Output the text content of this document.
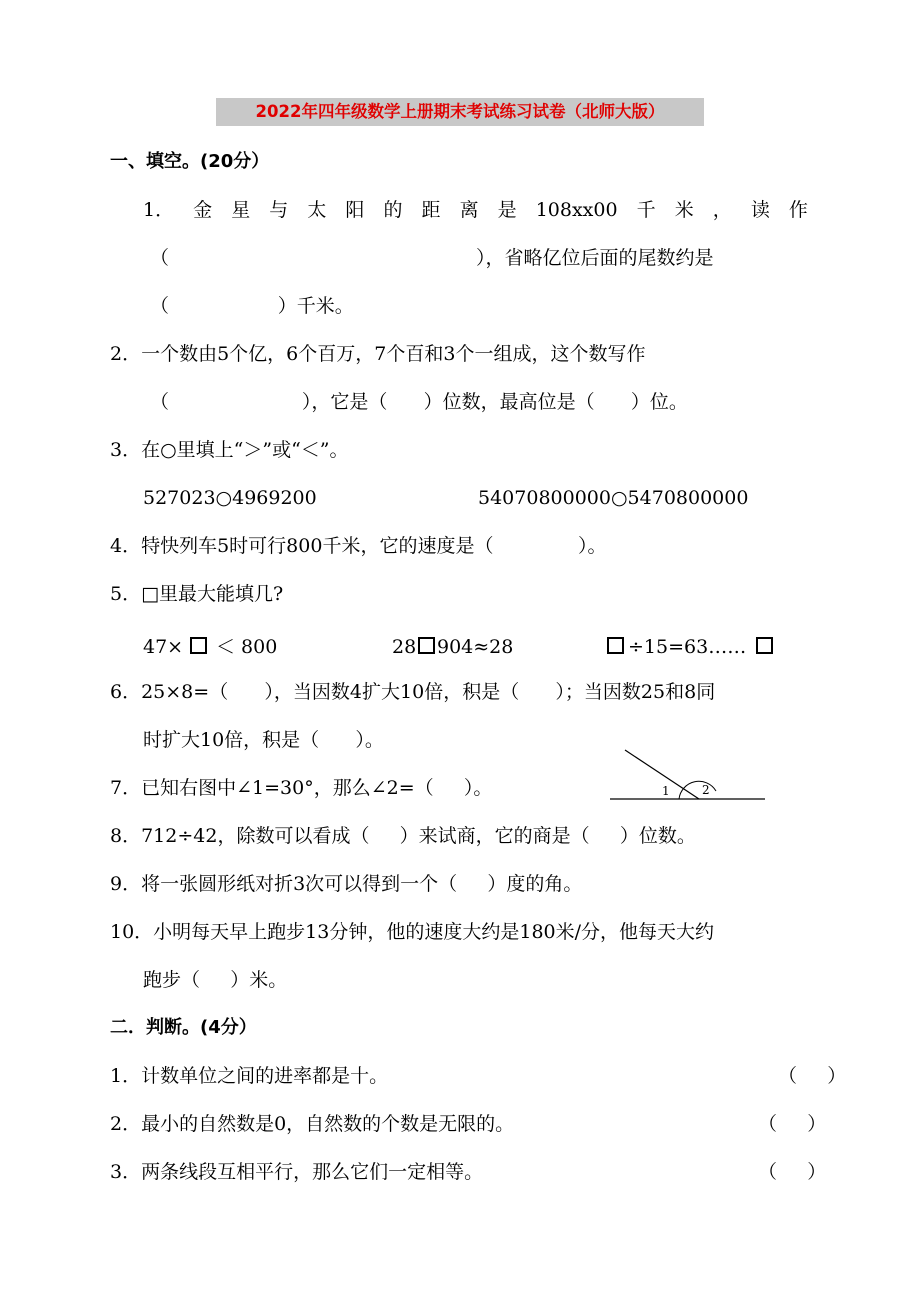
2022年四年级数学上册期末考试练习试卷（北师大版）
一、填空。(20分）
1． 金 星 与 太 阳 的 距 离 是 108xx00 千 米 ， 读 作
（	），省略亿位后面的尾数约是
（                  ）千米。
2．一个数由5个亿，6个百万，7个百和3个一组成，这个数写作
（                      ），它是（      ）位数，最高位是（      ）位。
3．在○里填上“＞”或“＜”。
527023○4969200	54070800000○5470800000
4．特快列车5时可行800千米，它的速度是（              ）。
5．□里最大能填几?
47× ＜ 800	28 904≈28	÷15=63……
6．25×8=（      ），当因数4扩大10倍，积是（      ）；当因数25和8同
时扩大10倍，积是（      ）。
7．已知右图中∠1=30°，那么∠2=（     ）。	1	2
8．712÷42，除数可以看成（     ）来试商，它的商是（     ）位数。
9．将一张圆形纸对折3次可以得到一个（     ）度的角。
10．小明每天早上跑步13分钟，他的速度大约是180米/分，他每天大约
跑步（     ）米。
二．判断。(4分）
1．计数单位之间的进率都是十。	（     ）
2．最小的自然数是0，自然数的个数是无限的。	（     ）
3．两条线段互相平行，那么它们一定相等。	（     ）
